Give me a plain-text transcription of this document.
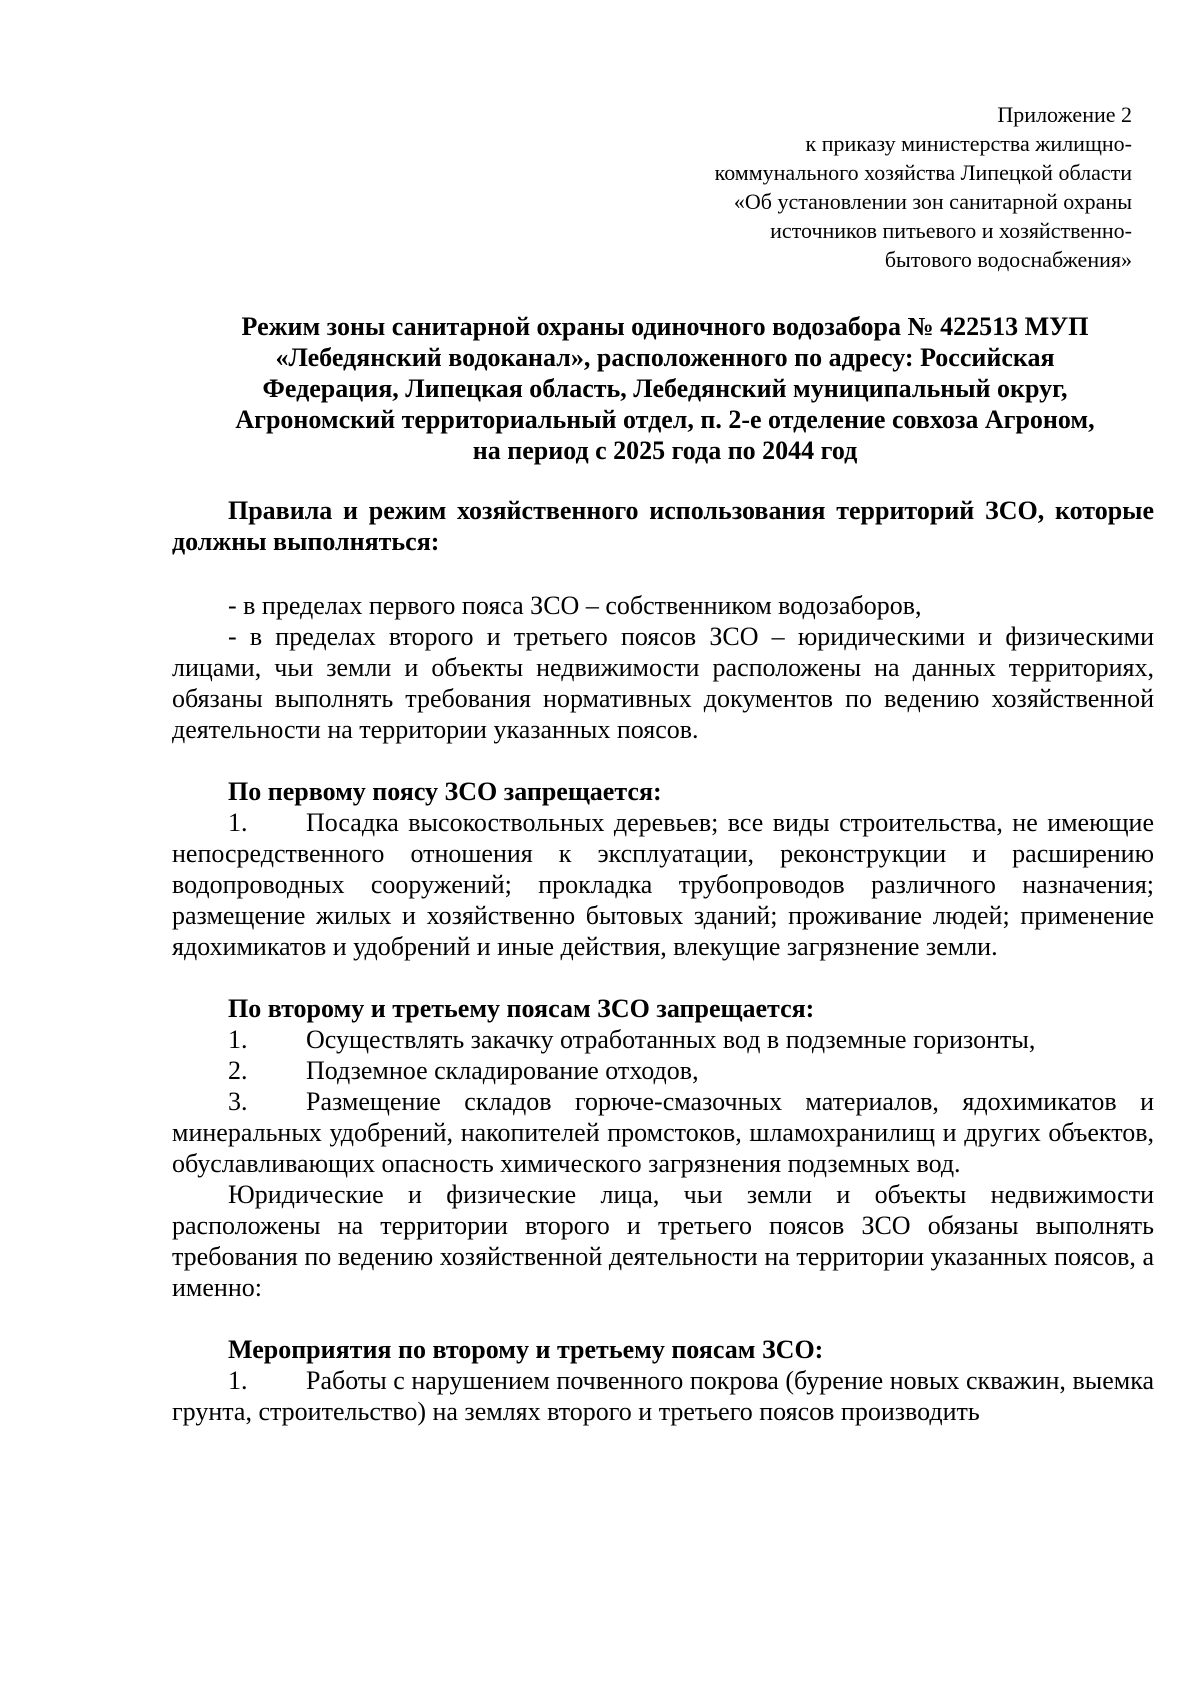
Приложение 2
к приказу министерства жилищно-
коммунального хозяйства Липецкой области
«Об установлении зон санитарной охраны
источников питьевого и хозяйственно-
бытового водоснабжения»
Режим зоны санитарной охраны одиночного водозабора № 422513 МУП
«Лебедянский водоканал», расположенного по адресу: Российская
Федерация, Липецкая область, Лебедянский муниципальный округ,
Агрономский территориальный отдел, п. 2-е отделение совхоза Агроном,
на период с 2025 года по 2044 год
Правила и режим хозяйственного использования территорий ЗСО, которые должны выполняться:

- в пределах первого пояса ЗСО – собственником водозаборов,

- в пределах второго и третьего поясов ЗСО – юридическими и физическими лицами, чьи земли и объекты недвижимости расположены на данных территориях, обязаны выполнять требования нормативных документов по ведению хозяйственной деятельности на территории указанных поясов.

По первому поясу ЗСО запрещается:

1. Посадка высокоствольных деревьев; все виды строительства, не имеющие непосредственного отношения к эксплуатации, реконструкции и расширению водопроводных сооружений; прокладка трубопроводов различного назначения; размещение жилых и хозяйственно бытовых зданий; проживание людей; применение ядохимикатов и удобрений и иные действия, влекущие загрязнение земли.

По второму и третьему поясам ЗСО запрещается:

1. Осуществлять закачку отработанных вод в подземные горизонты,

2. Подземное складирование отходов,

3. Размещение складов горюче-смазочных материалов, ядохимикатов и минеральных удобрений, накопителей промстоков, шламохранилищ и других объектов, обуславливающих опасность химического загрязнения подземных вод.

Юридические и физические лица, чьи земли и объекты недвижимости расположены на территории второго и третьего поясов ЗСО обязаны выполнять требования по ведению хозяйственной деятельности на территории указанных поясов, а именно:

Мероприятия по второму и третьему поясам ЗСО:

1. Работы с нарушением почвенного покрова (бурение новых скважин, выемка грунта, строительство) на землях второго и третьего поясов производить
